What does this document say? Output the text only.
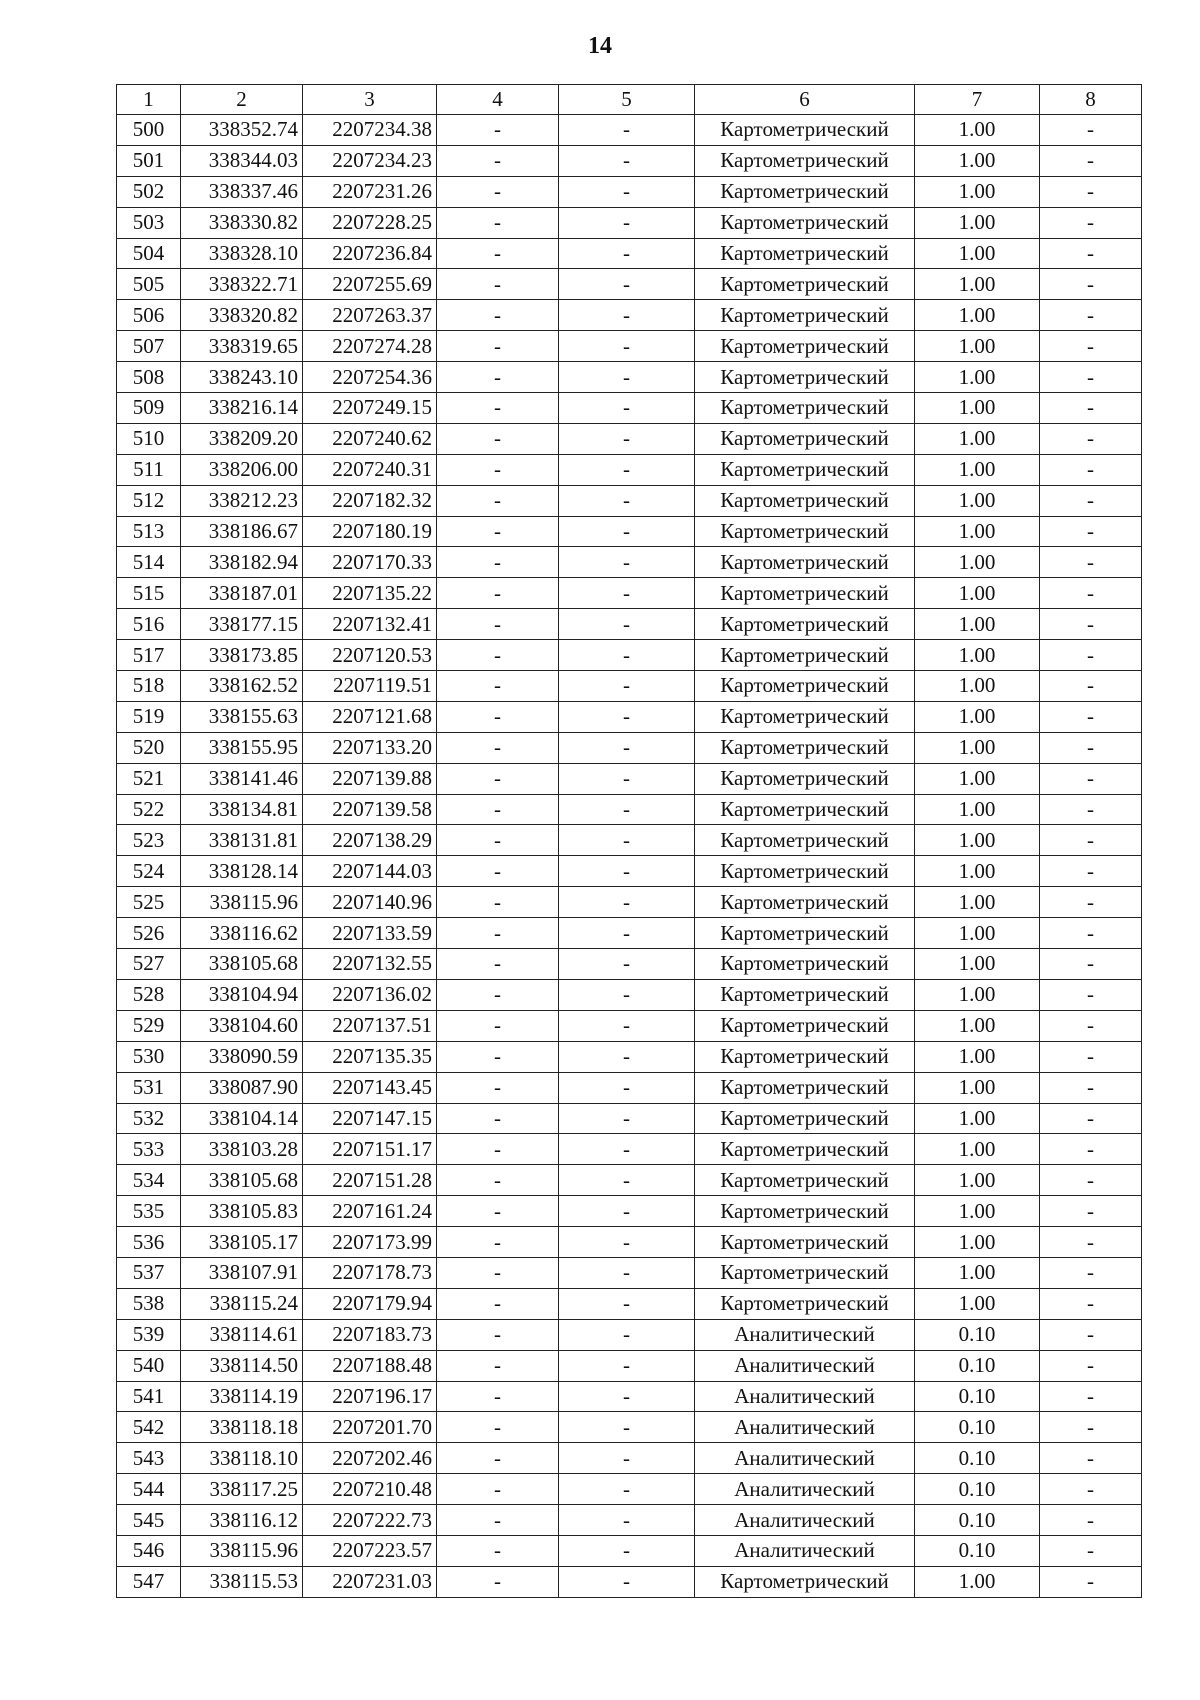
14
1	2	3	4	5	6	7	8
500	338352.74	2207234.38	-	-	Картометрический	1.00	-
501	338344.03	2207234.23	-	-	Картометрический	1.00	-
502	338337.46	2207231.26	-	-	Картометрический	1.00	-
503	338330.82	2207228.25	-	-	Картометрический	1.00	-
504	338328.10	2207236.84	-	-	Картометрический	1.00	-
505	338322.71	2207255.69	-	-	Картометрический	1.00	-
506	338320.82	2207263.37	-	-	Картометрический	1.00	-
507	338319.65	2207274.28	-	-	Картометрический	1.00	-
508	338243.10	2207254.36	-	-	Картометрический	1.00	-
509	338216.14	2207249.15	-	-	Картометрический	1.00	-
510	338209.20	2207240.62	-	-	Картометрический	1.00	-
511	338206.00	2207240.31	-	-	Картометрический	1.00	-
512	338212.23	2207182.32	-	-	Картометрический	1.00	-
513	338186.67	2207180.19	-	-	Картометрический	1.00	-
514	338182.94	2207170.33	-	-	Картометрический	1.00	-
515	338187.01	2207135.22	-	-	Картометрический	1.00	-
516	338177.15	2207132.41	-	-	Картометрический	1.00	-
517	338173.85	2207120.53	-	-	Картометрический	1.00	-
518	338162.52	2207119.51	-	-	Картометрический	1.00	-
519	338155.63	2207121.68	-	-	Картометрический	1.00	-
520	338155.95	2207133.20	-	-	Картометрический	1.00	-
521	338141.46	2207139.88	-	-	Картометрический	1.00	-
522	338134.81	2207139.58	-	-	Картометрический	1.00	-
523	338131.81	2207138.29	-	-	Картометрический	1.00	-
524	338128.14	2207144.03	-	-	Картометрический	1.00	-
525	338115.96	2207140.96	-	-	Картометрический	1.00	-
526	338116.62	2207133.59	-	-	Картометрический	1.00	-
527	338105.68	2207132.55	-	-	Картометрический	1.00	-
528	338104.94	2207136.02	-	-	Картометрический	1.00	-
529	338104.60	2207137.51	-	-	Картометрический	1.00	-
530	338090.59	2207135.35	-	-	Картометрический	1.00	-
531	338087.90	2207143.45	-	-	Картометрический	1.00	-
532	338104.14	2207147.15	-	-	Картометрический	1.00	-
533	338103.28	2207151.17	-	-	Картометрический	1.00	-
534	338105.68	2207151.28	-	-	Картометрический	1.00	-
535	338105.83	2207161.24	-	-	Картометрический	1.00	-
536	338105.17	2207173.99	-	-	Картометрический	1.00	-
537	338107.91	2207178.73	-	-	Картометрический	1.00	-
538	338115.24	2207179.94	-	-	Картометрический	1.00	-
539	338114.61	2207183.73	-	-	Аналитический	0.10	-
540	338114.50	2207188.48	-	-	Аналитический	0.10	-
541	338114.19	2207196.17	-	-	Аналитический	0.10	-
542	338118.18	2207201.70	-	-	Аналитический	0.10	-
543	338118.10	2207202.46	-	-	Аналитический	0.10	-
544	338117.25	2207210.48	-	-	Аналитический	0.10	-
545	338116.12	2207222.73	-	-	Аналитический	0.10	-
546	338115.96	2207223.57	-	-	Аналитический	0.10	-
547	338115.53	2207231.03	-	-	Картометрический	1.00	-
